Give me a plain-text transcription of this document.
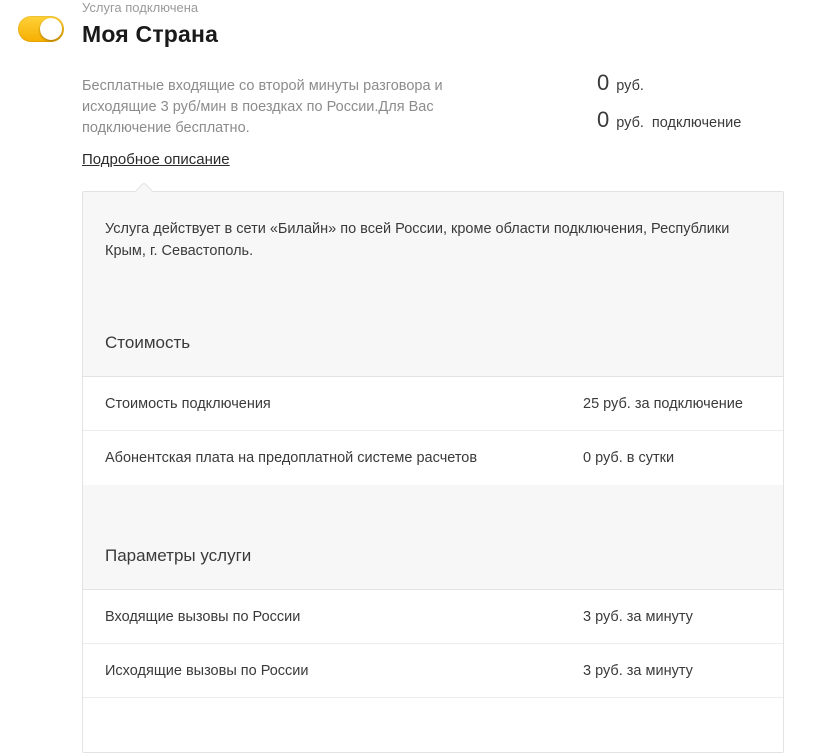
Услуга подключена
Моя Страна
Бесплатные входящие со второй минуты разговора и исходящие 3 руб/мин в поездках по России.Для Вас подключение бесплатно.
0 руб.
0 руб. подключение
Подробное описание
Услуга действует в сети «Билайн» по всей России, кроме области подключения, Республики Крым, г. Севастополь.
Стоимость
Стоимость подключения	25 руб. за подключение
Абонентская плата на предоплатной системе расчетов	0 руб. в сутки
Параметры услуги
Входящие вызовы по России	3 руб. за минуту
Исходящие вызовы по России	3 руб. за минуту
